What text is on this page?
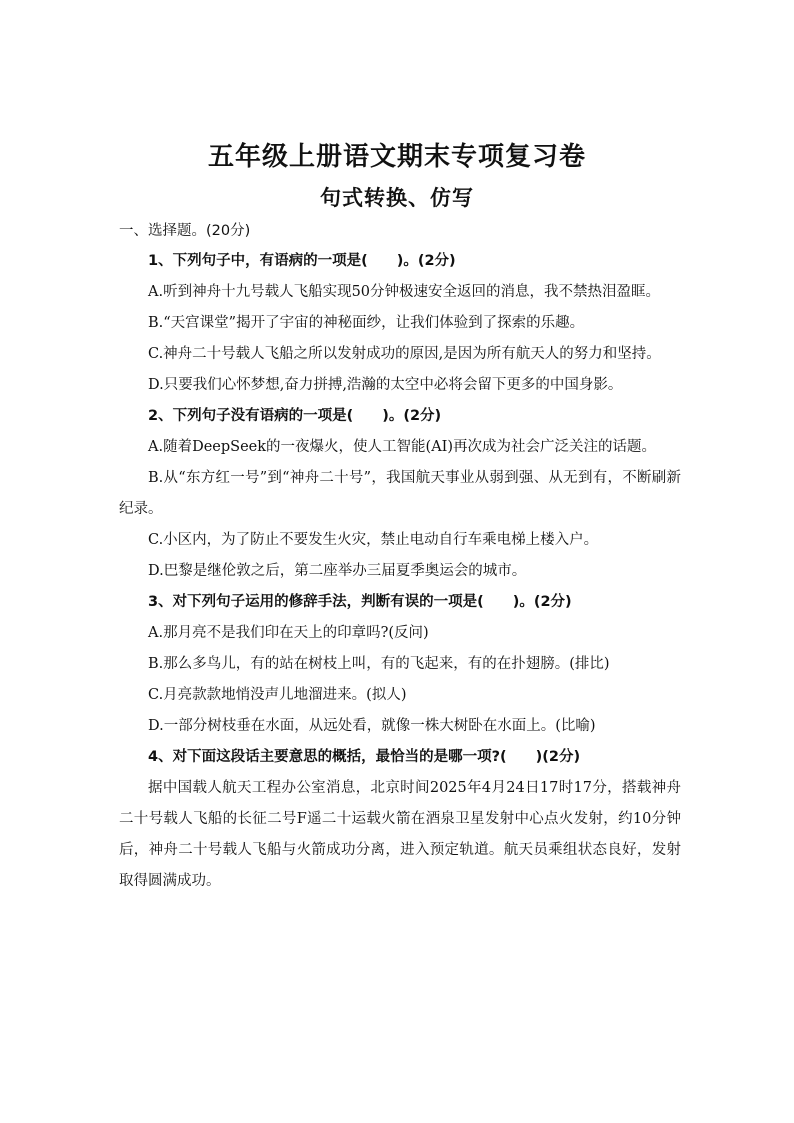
五年级上册语文期末专项复习卷
句式转换、仿写
一、选择题。(20分)
1、下列句子中，有语病的一项是(　　)。(2分)
A.听到神舟十九号载人飞船实现50分钟极速安全返回的消息，我不禁热泪盈眶。
B.“天宫课堂”揭开了宇宙的神秘面纱，让我们体验到了探索的乐趣。
C.神舟二十号载人飞船之所以发射成功的原因,是因为所有航天人的努力和坚持。
D.只要我们心怀梦想,奋力拼搏,浩瀚的太空中必将会留下更多的中国身影。
2、下列句子没有语病的一项是(　　)。(2分)
A.随着DeepSeek的一夜爆火，使人工智能(AI)再次成为社会广泛关注的话题。
B.从“东方红一号”到“神舟二十号”，我国航天事业从弱到强、从无到有，不断刷新纪录。
C.小区内，为了防止不要发生火灾，禁止电动自行车乘电梯上楼入户。
D.巴黎是继伦敦之后，第二座举办三届夏季奥运会的城市。
3、对下列句子运用的修辞手法，判断有误的一项是(　　)。(2分)
A.那月亮不是我们印在天上的印章吗?(反问)
B.那么多鸟儿，有的站在树枝上叫，有的飞起来，有的在扑翅膀。(排比)
C.月亮款款地悄没声儿地溜进来。(拟人)
D.一部分树枝垂在水面，从远处看，就像一株大树卧在水面上。(比喻)
4、对下面这段话主要意思的概括，最恰当的是哪一项?(　　)(2分)
据中国载人航天工程办公室消息，北京时间2025年4月24日17时17分，搭载神舟二十号载人飞船的长征二号F遥二十运载火箭在酒泉卫星发射中心点火发射，约10分钟后，神舟二十号载人飞船与火箭成功分离，进入预定轨道。航天员乘组状态良好，发射取得圆满成功。
